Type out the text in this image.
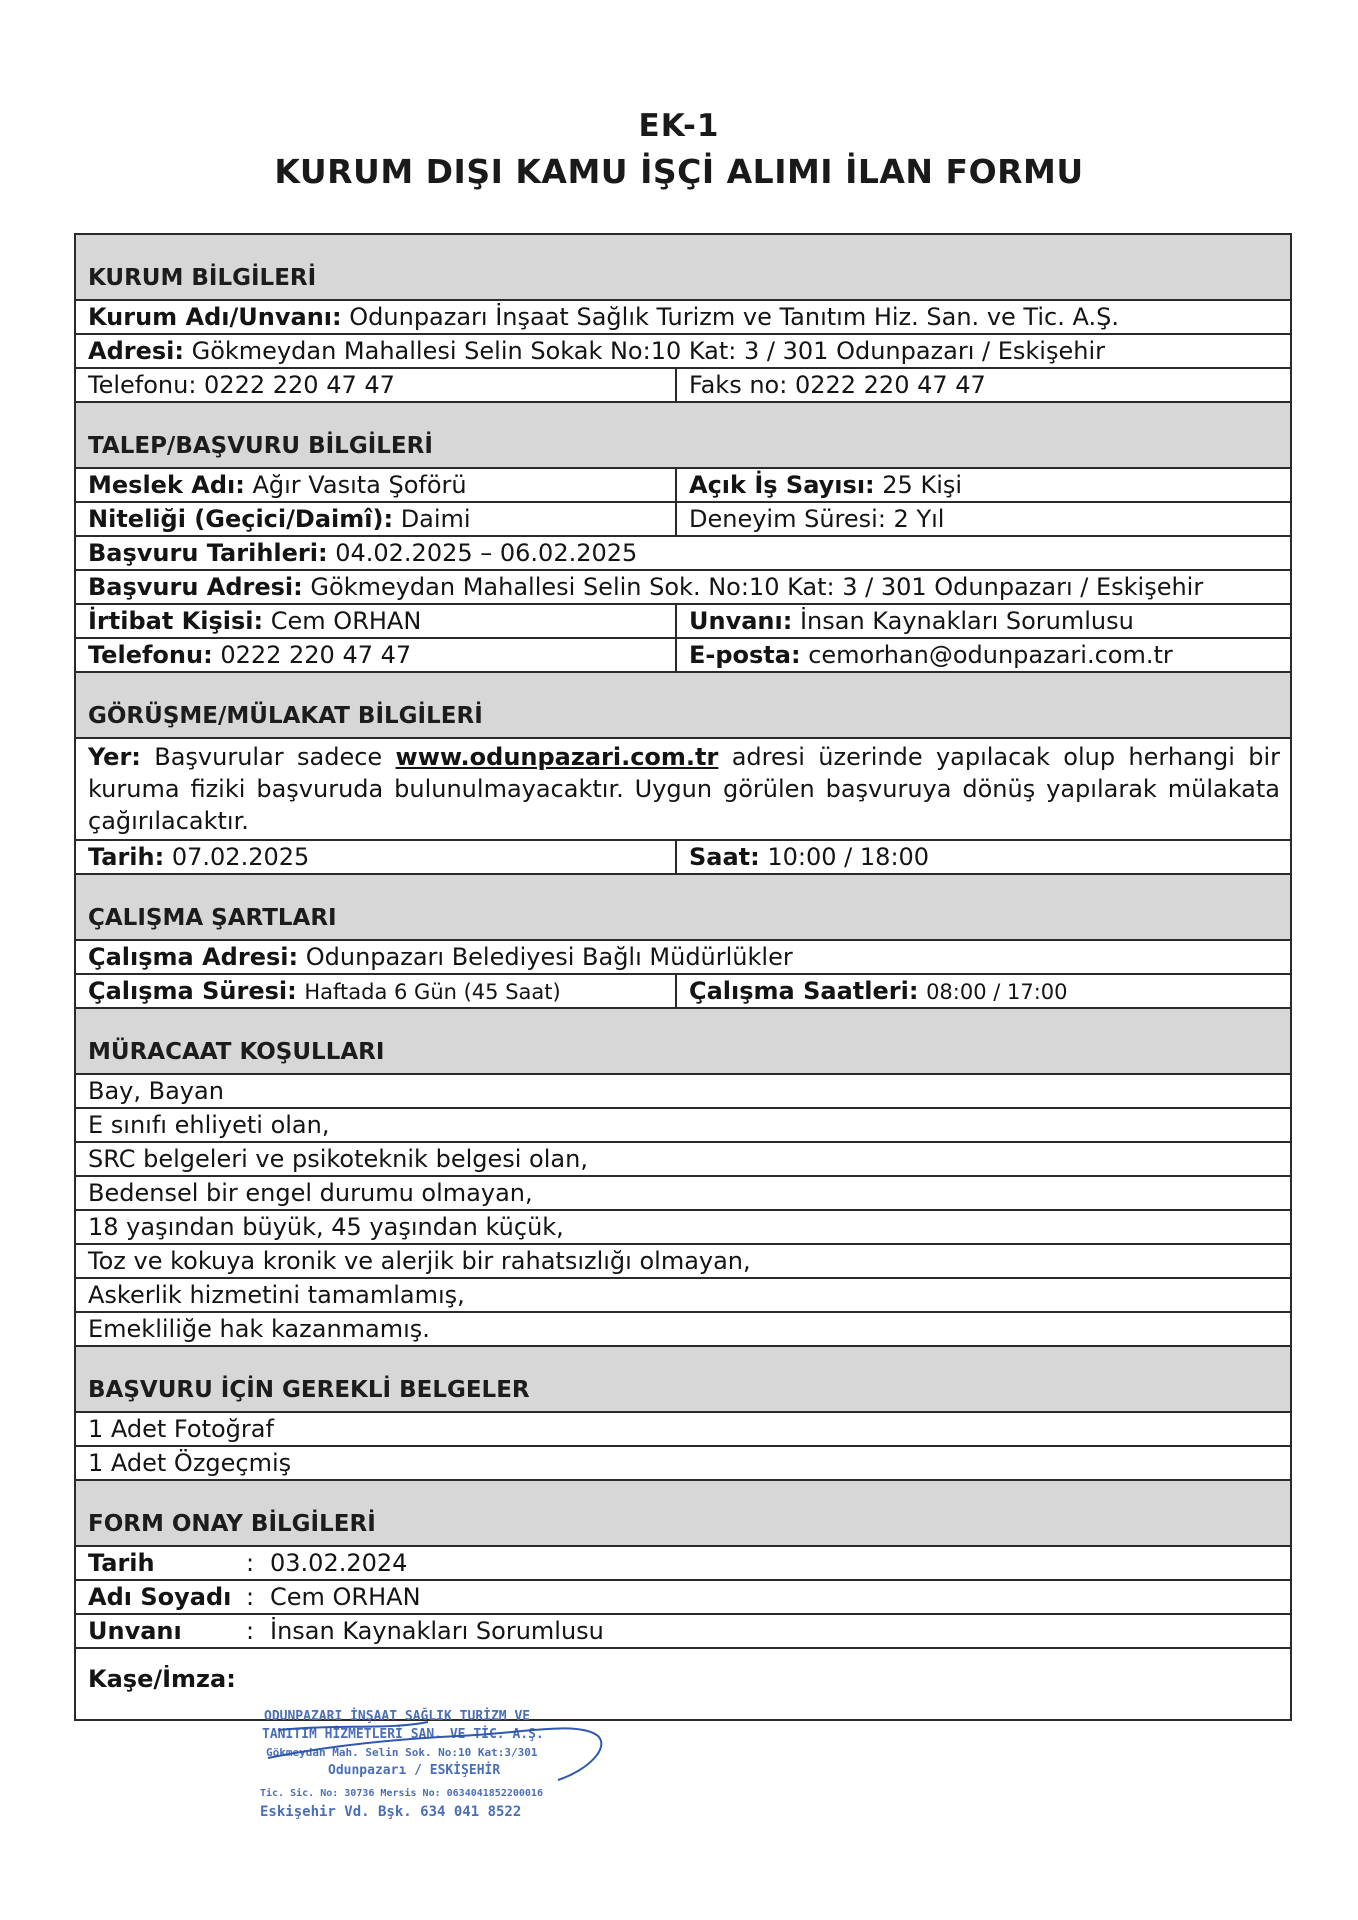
EK-1
KURUM DIŞI KAMU İŞÇİ ALIMI İLAN FORMU
KURUM BİLGİLERİ
Kurum Adı/Unvanı: Odunpazarı İnşaat Sağlık Turizm ve Tanıtım Hiz. San. ve Tic. A.Ş.
Adresi: Gökmeydan Mahallesi Selin Sokak No:10 Kat: 3 / 301 Odunpazarı / Eskişehir
Telefonu: 0222 220 47 47	Faks no: 0222 220 47 47
TALEP/BAŞVURU BİLGİLERİ
Meslek Adı: Ağır Vasıta Şoförü	Açık İş Sayısı: 25 Kişi
Niteliği (Geçici/Daimî): Daimi	Deneyim Süresi: 2 Yıl
Başvuru Tarihleri: 04.02.2025 – 06.02.2025
Başvuru Adresi: Gökmeydan Mahallesi Selin Sok. No:10 Kat: 3 / 301 Odunpazarı / Eskişehir
İrtibat Kişisi: Cem ORHAN	Unvanı: İnsan Kaynakları Sorumlusu
Telefonu: 0222 220 47 47	E-posta: cemorhan@odunpazari.com.tr
GÖRÜŞME/MÜLAKAT BİLGİLERİ
Yer: Başvurular sadece www.odunpazari.com.tr adresi üzerinde yapılacak olup herhangi bir kuruma fiziki başvuruda bulunulmayacaktır. Uygun görülen başvuruya dönüş yapılarak mülakata çağırılacaktır.
Tarih: 07.02.2025	Saat: 10:00 / 18:00
ÇALIŞMA ŞARTLARI
Çalışma Adresi: Odunpazarı Belediyesi Bağlı Müdürlükler
Çalışma Süresi: Haftada 6 Gün (45 Saat)	Çalışma Saatleri: 08:00 / 17:00
MÜRACAAT KOŞULLARI
Bay, Bayan
E sınıfı ehliyeti olan,
SRC belgeleri ve psikoteknik belgesi olan,
Bedensel bir engel durumu olmayan,
18 yaşından büyük, 45 yaşından küçük,
Toz ve kokuya kronik ve alerjik bir rahatsızlığı olmayan,
Askerlik hizmetini tamamlamış,
Emekliliğe hak kazanmamış.
BAŞVURU İÇİN GEREKLİ BELGELER
1 Adet Fotoğraf
1 Adet Özgeçmiş
FORM ONAY BİLGİLERİ
Tarih	: 03.02.2024
Adı Soyadı : Cem ORHAN
Unvanı	: İnsan Kaynakları Sorumlusu
Kaşe/İmza:
ODUNPAZARI İNŞAAT SAĞLIK TURİZM VE
TANITIM HİZMETLERİ SAN. VE TİC. A.Ş.
Gökmeydan Mah. Selin Sok. No:10 Kat:3/301
Odunpazarı / ESKİŞEHİR
Tic. Sic. No: 30736 Mersis No: 0634041852200016
Eskişehir Vd. Bşk. 634 041 8522
